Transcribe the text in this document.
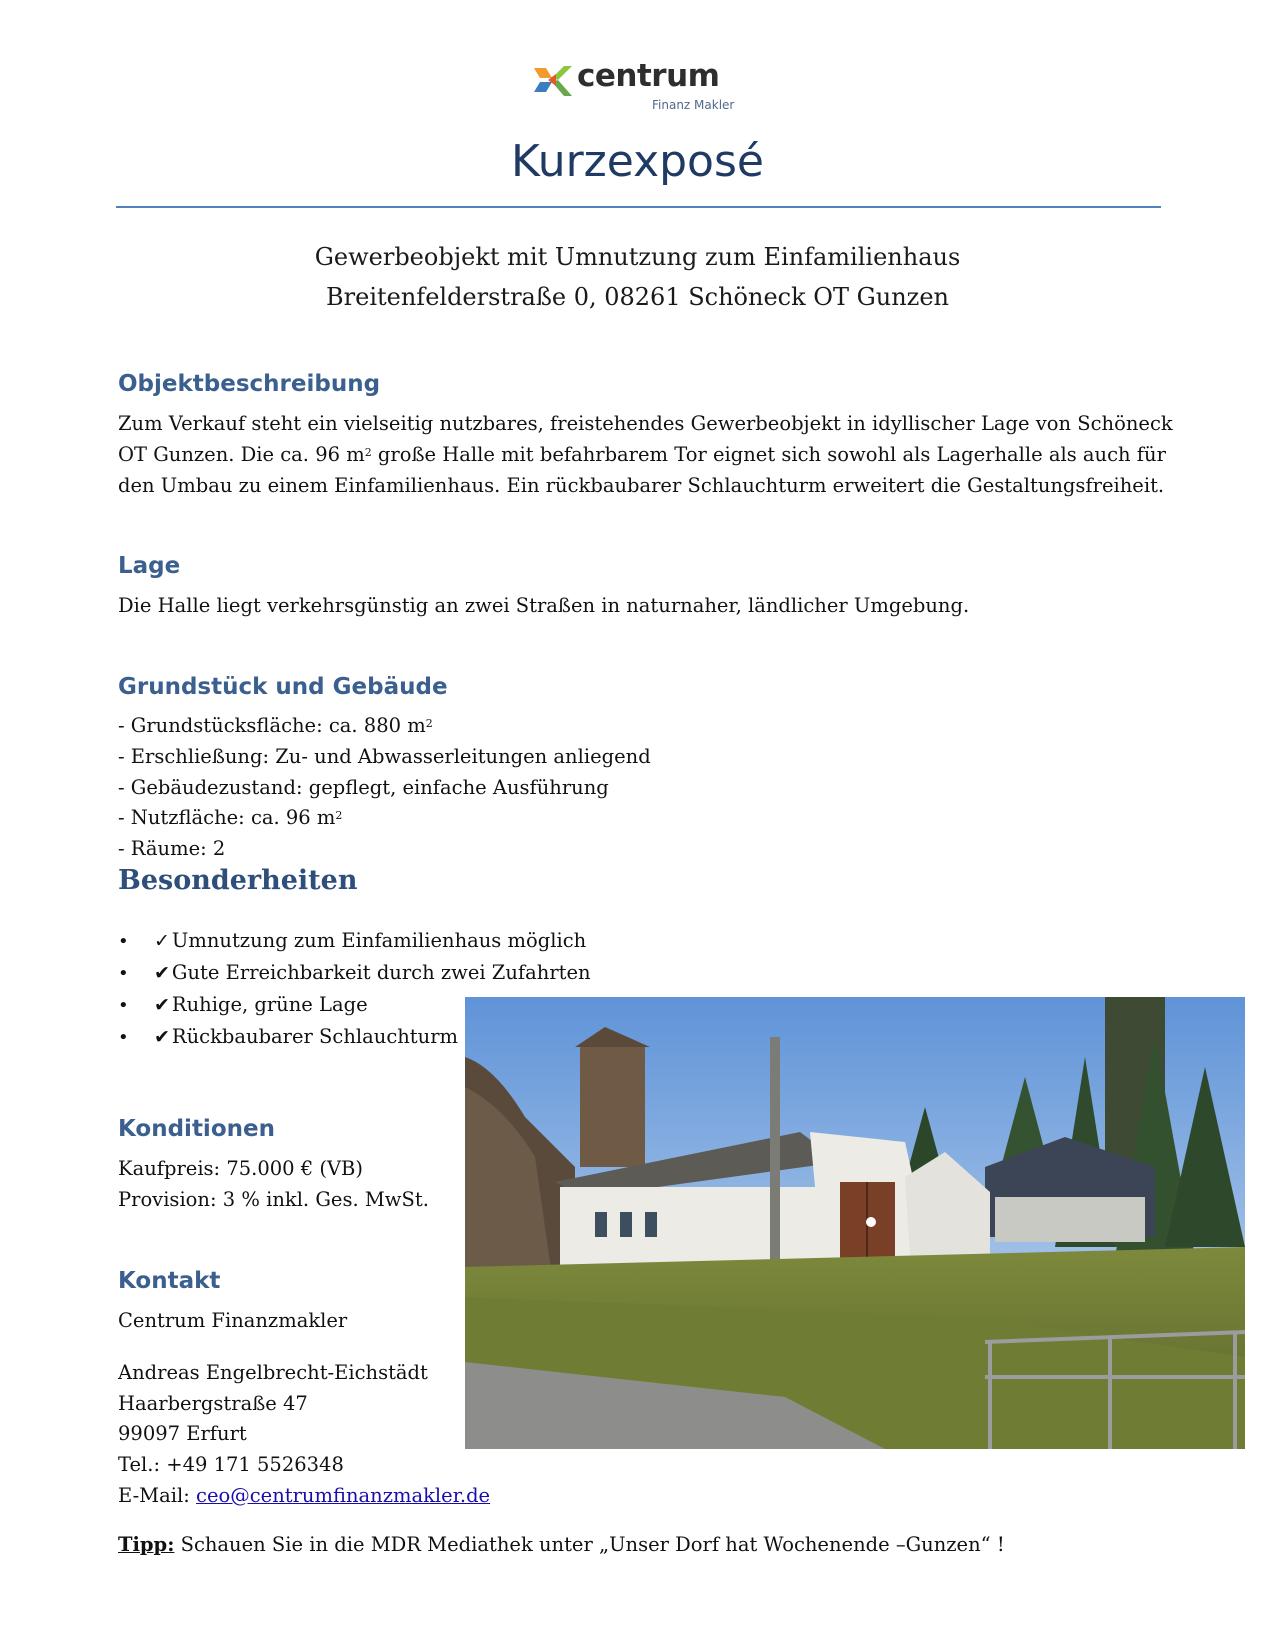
centrum
Finanz Makler
Kurzexposé
Gewerbeobjekt mit Umnutzung zum Einfamilienhaus
Breitenfelderstraße 0, 08261 Schöneck OT Gunzen
Objektbeschreibung
Zum Verkauf steht ein vielseitig nutzbares, freistehendes Gewerbeobjekt in idyllischer Lage von Schöneck
OT Gunzen. Die ca. 96 $m^2$ große Halle mit befahrbarem Tor eignet sich sowohl als Lagerhalle als auch für
den Umbau zu einem Einfamilienhaus. Ein rückbaubarer Schlauchturm erweitert die Gestaltungsfreiheit.
Lage
Die Halle liegt verkehrsgünstig an zwei Straßen in naturnaher, ländlicher Umgebung.
Grundstück und Gebäude
- Grundstücksfläche: ca. 880 $m^2$
- Erschließung: Zu- und Abwasserleitungen anliegend
- Gebäudezustand: gepflegt, einfache Ausführung
- Nutzfläche: ca. 96 $m^2$
- Räume: 2
Besonderheiten
• ✓ Umnutzung zum Einfamilienhaus möglich
• ✔ Gute Erreichbarkeit durch zwei Zufahrten
• ✔ Ruhige, grüne Lage
• ✔ Rückbaubarer Schlauchturm
Konditionen
Kaufpreis: 75.000 € (VB)
Provision: 3 % inkl. Ges. MwSt.
Kontakt
Centrum Finanzmakler
Andreas Engelbrecht-Eichstädt
Haarbergstraße 47
99097 Erfurt
Tel.: +49 171 5526348
E-Mail: ceo@centrumfinanzmakler.de
Tipp: Schauen Sie in die MDR Mediathek unter „Unser Dorf hat Wochenende –Gunzen“ !
